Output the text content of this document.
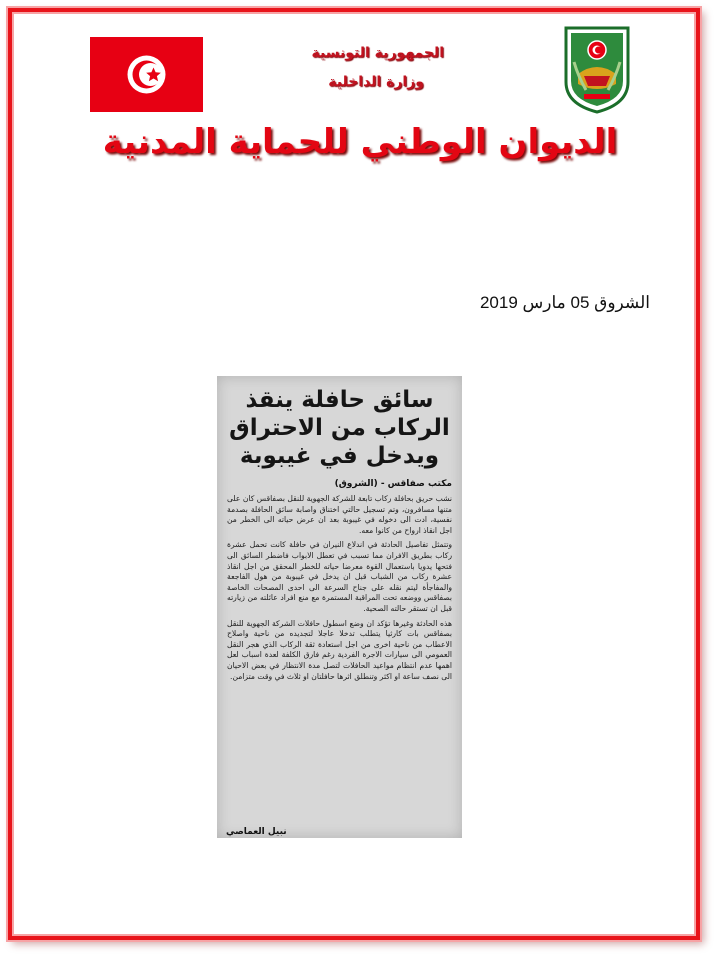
الجمهورية التونسية
وزارة الداخلية
الديوان الوطني للحماية المدنية
الشروق 05 مارس 2019
سائق حافلة ينقذ
الركاب من الاحتراق
ويدخل في غيبوبة
مكتب صفاقس - (الشروق)

نشب حريق بحافلة ركاب تابعة للشركة الجهوية للنقل بصفاقس كان على متنها مسافرون، وتم تسجيل حالتي اختناق واصابة سائق الحافلة بصدمة نفسية، ادت الى دخوله في غيبوبة بعد ان عرض حياته الى الخطر من اجل انقاذ ارواح من كانوا معه.

وتتمثل تفاصيل الحادثة في اندلاع النيران في حافلة كانت تحمل عشرة ركاب بطريق الافران مما تسبب في تعطل الابواب فاضطر السائق الى فتحها يدويا باستعمال القوة معرضا حياته للخطر المحقق من اجل انقاذ عشرة ركاب من الشباب قبل ان يدخل في غيبوبة من هول الفاجعة والمفاجأة ليتم نقله على جناح السرعة الى احدى المصحات الخاصة بصفاقس ووضعه تحت المراقبة المستمرة مع منع افراد عائلته من زيارته قبل ان تستقر حالته الصحية.

هذه الحادثة وغيرها تؤكد ان وضع اسطول حافلات الشركة الجهوية للنقل بصفاقس بات كارثيا يتطلب تدخلا عاجلا لتجديده من ناحية واصلاح الاعطاب من ناحية اخرى من اجل استعادة ثقة الركاب الذي هجر النقل العمومي الى سيارات الاجرة الفردية رغم فارق الكلفة لعدة اسباب لعل اهمها عدم انتظام مواعيد الحافلات لتصل مدة الانتظار في بعض الاحيان الى نصف ساعة او اكثر وتنطلق اثرها حافلتان او ثلاث في وقت متزامن.

نبيل العماصي
